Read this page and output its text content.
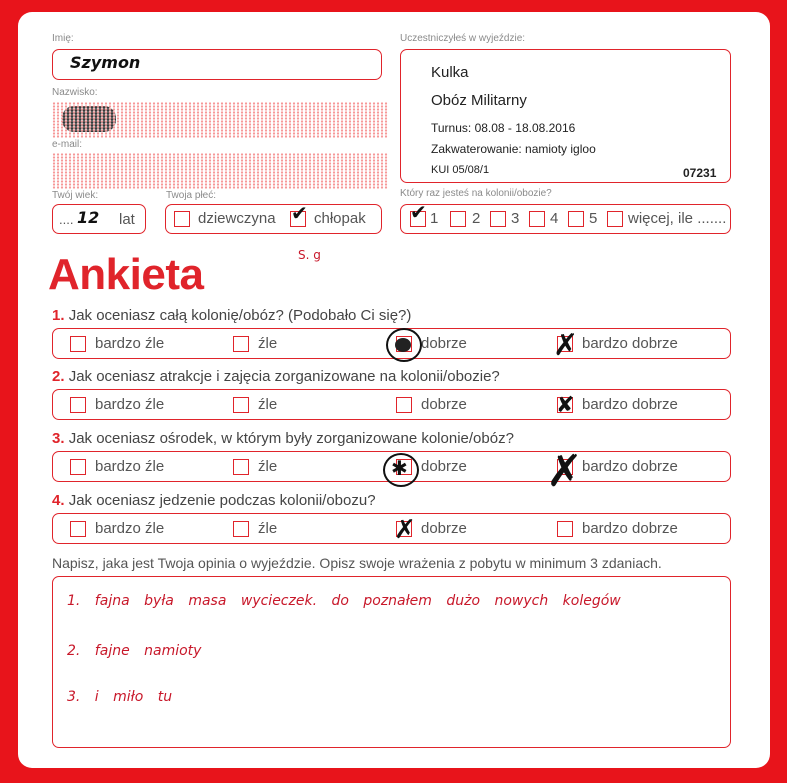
Imię:
Szymon
Nazwisko:
e-mail:
Twój wiek:
.... 12 lat
Twoja płeć:
dziewczyna ✔ chłopak
Uczestniczyłeś w wyjeździe:
Kulka
Obóz Militarny
Turnus: 08.08 - 18.08.2016
Zakwaterowanie: namioty igloo
KUI 05/08/1	07231
Który raz jesteś na kolonii/obozie?
✔ 1 2 3 4 5 więcej, ile .......
Ankieta	S. g
1. Jak oceniasz całą kolonię/obóz? (Podobało Ci się?)
bardzo źle	źle	dobrze	bardzo dobrze
✗
2. Jak oceniasz atrakcje i zajęcia zorganizowane na kolonii/obozie?
bardzo źle	źle	dobrze	bardzo dobrze
✘
3. Jak oceniasz ośrodek, w którym były zorganizowane kolonie/obóz?
bardzo źle	źle	dobrze	bardzo dobrze
✱	✗
4. Jak oceniasz jedzenie podczas kolonii/obozu?
bardzo źle	źle	dobrze	bardzo dobrze
✗
Napisz, jaka jest Twoja opinia o wyjeździe. Opisz swoje wrażenia z pobytu w minimum 3 zdaniach.
1. fajna była masa wycieczek. do poznałem dużo nowych kolegów
2. fajne namioty
3. i miło tu
